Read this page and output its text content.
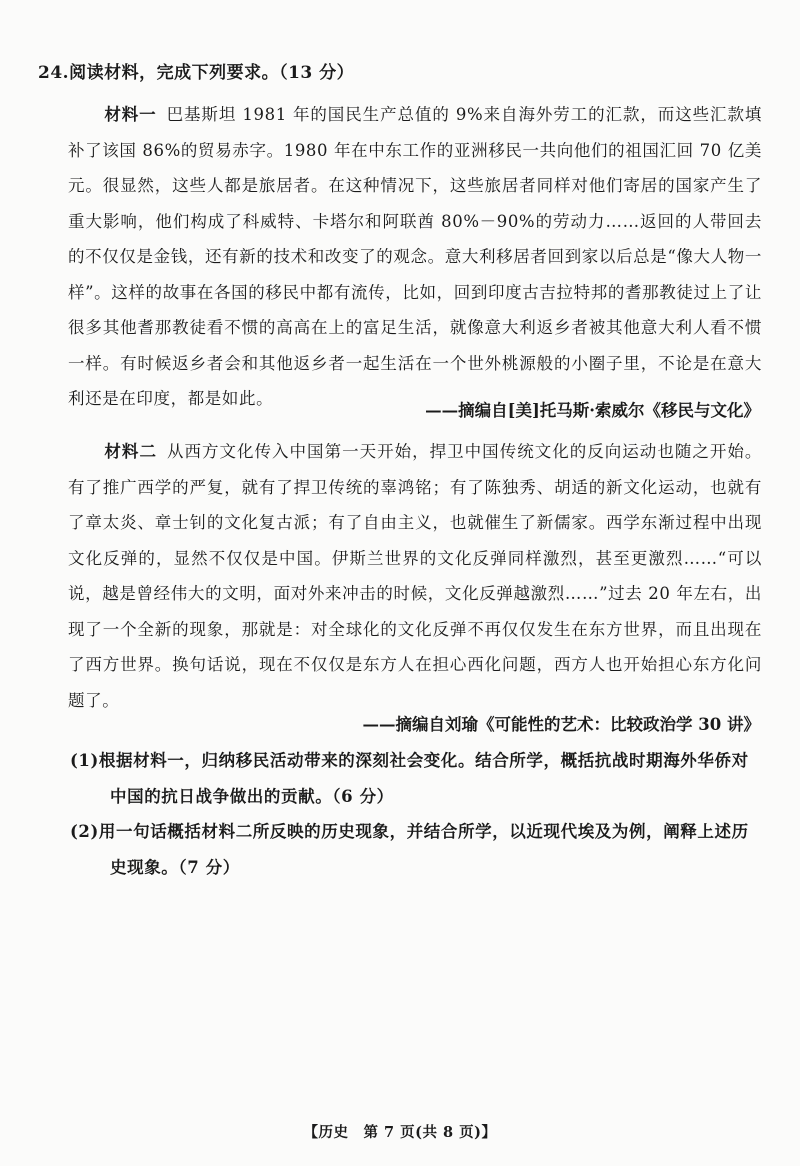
24.阅读材料，完成下列要求。（13 分）
材料一 巴基斯坦 1981 年的国民生产总值的 9%来自海外劳工的汇款，而这些汇款填补了该国 86%的贸易赤字。1980 年在中东工作的亚洲移民一共向他们的祖国汇回 70 亿美元。很显然，这些人都是旅居者。在这种情况下，这些旅居者同样对他们寄居的国家产生了重大影响，他们构成了科威特、卡塔尔和阿联酋 80%－90%的劳动力……返回的人带回去的不仅仅是金钱，还有新的技术和改变了的观念。意大利移居者回到家以后总是“像大人物一样”。这样的故事在各国的移民中都有流传，比如，回到印度古吉拉特邦的耆那教徒过上了让很多其他耆那教徒看不惯的高高在上的富足生活，就像意大利返乡者被其他意大利人看不惯一样。有时候返乡者会和其他返乡者一起生活在一个世外桃源般的小圈子里，不论是在意大利还是在印度，都是如此。
——摘编自[美]托马斯·索威尔《移民与文化》
材料二 从西方文化传入中国第一天开始，捍卫中国传统文化的反向运动也随之开始。有了推广西学的严复，就有了捍卫传统的辜鸿铭；有了陈独秀、胡适的新文化运动，也就有了章太炎、章士钊的文化复古派；有了自由主义，也就催生了新儒家。西学东渐过程中出现文化反弹的，显然不仅仅是中国。伊斯兰世界的文化反弹同样激烈，甚至更激烈……“可以说，越是曾经伟大的文明，面对外来冲击的时候，文化反弹越激烈……”过去 20 年左右，出现了一个全新的现象，那就是：对全球化的文化反弹不再仅仅发生在东方世界，而且出现在了西方世界。换句话说，现在不仅仅是东方人在担心西化问题，西方人也开始担心东方化问题了。
——摘编自刘瑜《可能性的艺术：比较政治学 30 讲》
(1)根据材料一，归纳移民活动带来的深刻社会变化。结合所学，概括抗战时期海外华侨对中国的抗日战争做出的贡献。（6 分）
(2)用一句话概括材料二所反映的历史现象，并结合所学，以近现代埃及为例，阐释上述历史现象。（7 分）
【历史　第 7 页(共 8 页)】
